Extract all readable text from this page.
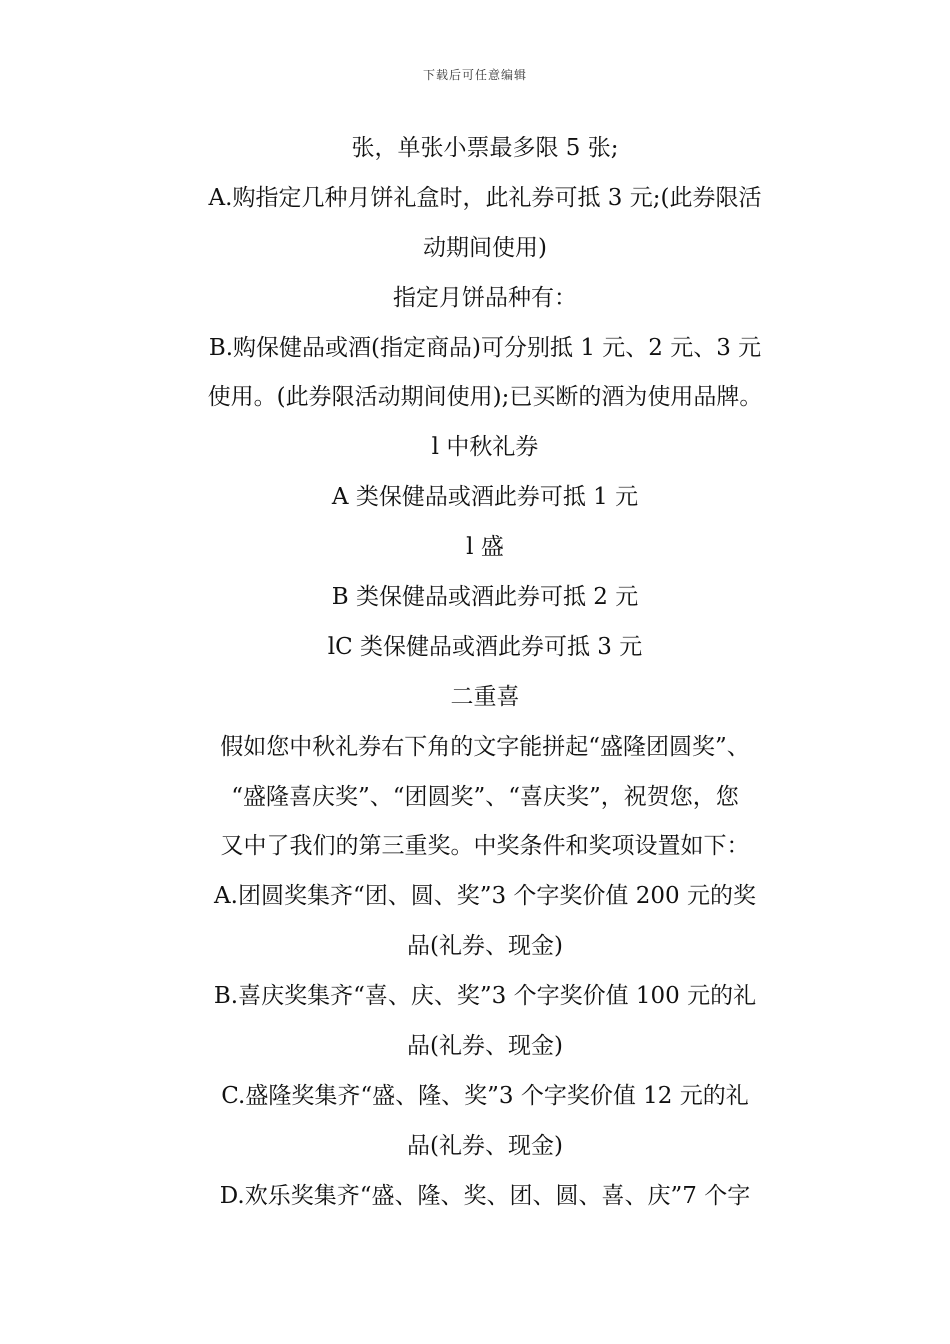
下载后可任意编辑
张，单张小票最多限 5 张;
A.购指定几种月饼礼盒时，此礼券可抵 3 元;(此券限活
动期间使用)
指定月饼品种有：
B.购保健品或酒(指定商品)可分别抵 1 元、2 元、3 元
使用。(此券限活动期间使用);已买断的酒为使用品牌。
l 中秋礼券
A 类保健品或酒此券可抵 1 元
l 盛
B 类保健品或酒此券可抵 2 元
lC 类保健品或酒此券可抵 3 元
二重喜
假如您中秋礼券右下角的文字能拼起“盛隆团圆奖”、
“盛隆喜庆奖”、“团圆奖”、“喜庆奖”，祝贺您，您
又中了我们的第三重奖。中奖条件和奖项设置如下：
A.团圆奖集齐“团、圆、奖”3 个字奖价值 200 元的奖
品(礼券、现金)
B.喜庆奖集齐“喜、庆、奖”3 个字奖价值 100 元的礼
品(礼券、现金)
C.盛隆奖集齐“盛、隆、奖”3 个字奖价值 12 元的礼
品(礼券、现金)
D.欢乐奖集齐“盛、隆、奖、团、圆、喜、庆”7 个字
